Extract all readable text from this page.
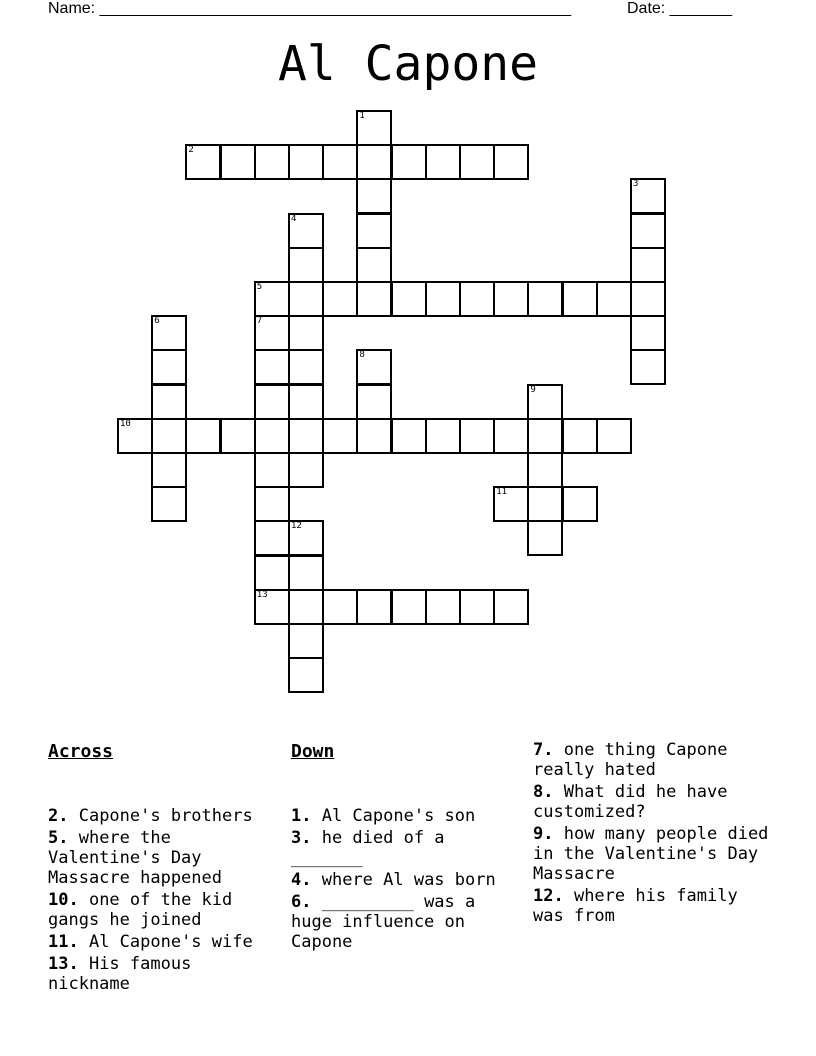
Name: _____________________________________________________	Date: _______
Al Capone
1
2
3
4
5
6	7
8
9
10
11
12
13

Across

2. Capone's brothers
5. where the Valentine's Day Massacre happened
10. one of the kid gangs he joined
11. Al Capone's wife
13. His famous nickname

Down

1. Al Capone's son
3. he died of a _______
4. where Al was born
6. _________ was a huge influence on Capone

7. one thing Capone really hated
8. What did he have customized?
9. how many people died in the Valentine's Day Massacre
12. where his family was from
